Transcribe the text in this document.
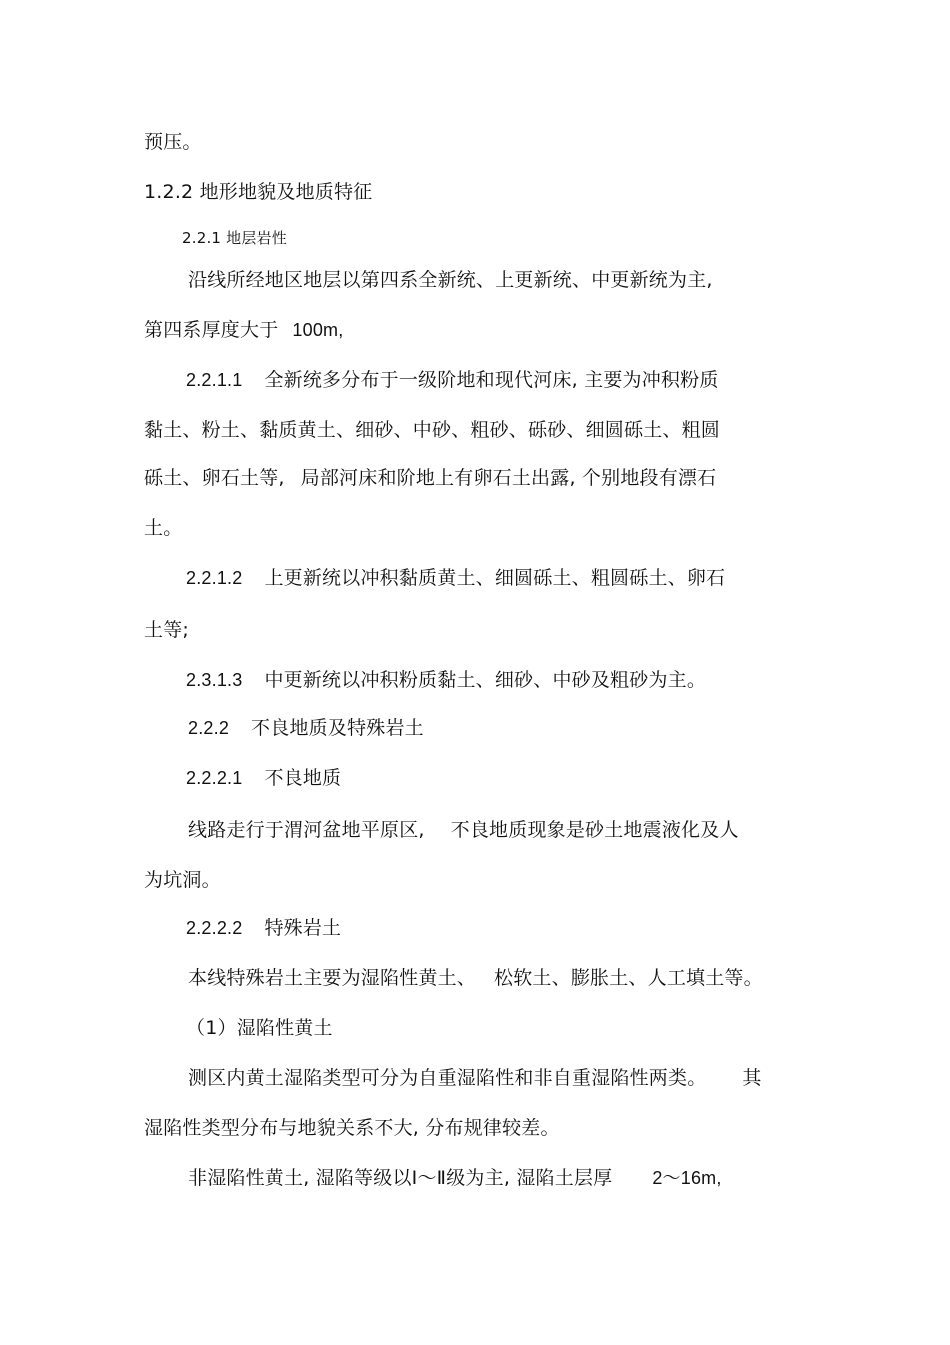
预压。
1.2.2 地形地貌及地质特征
2.2.1 地层岩性
沿线所经地区地层以第四系全新统、上更新统、中更新统为主,
第四系厚度大于 100m,
2.2.1.1 全新统多分布于一级阶地和现代河床, 主要为冲积粉质
黏土、粉土、黏质黄土、细砂、中砂、粗砂、砾砂、细圆砾土、粗圆
砾土、卵石土等, 局部河床和阶地上有卵石土出露, 个别地段有漂石
土。
2.2.1.2 上更新统以冲积黏质黄土、细圆砾土、粗圆砾土、卵石
土等;
2.3.1.3 中更新统以冲积粉质黏土、细砂、中砂及粗砂为主。
2.2.2 不良地质及特殊岩土
2.2.2.1 不良地质
线路走行于渭河盆地平原区, 不良地质现象是砂土地震液化及人
为坑洞。
2.2.2.2 特殊岩土
本线特殊岩土主要为湿陷性黄土、 松软土、膨胀土、人工填土等。
（1）湿陷性黄土
测区内黄土湿陷类型可分为自重湿陷性和非自重湿陷性两类。 其
湿陷性类型分布与地貌关系不大, 分布规律较差。
非湿陷性黄土, 湿陷等级以Ⅰ～Ⅱ级为主, 湿陷土层厚 2～16m,
